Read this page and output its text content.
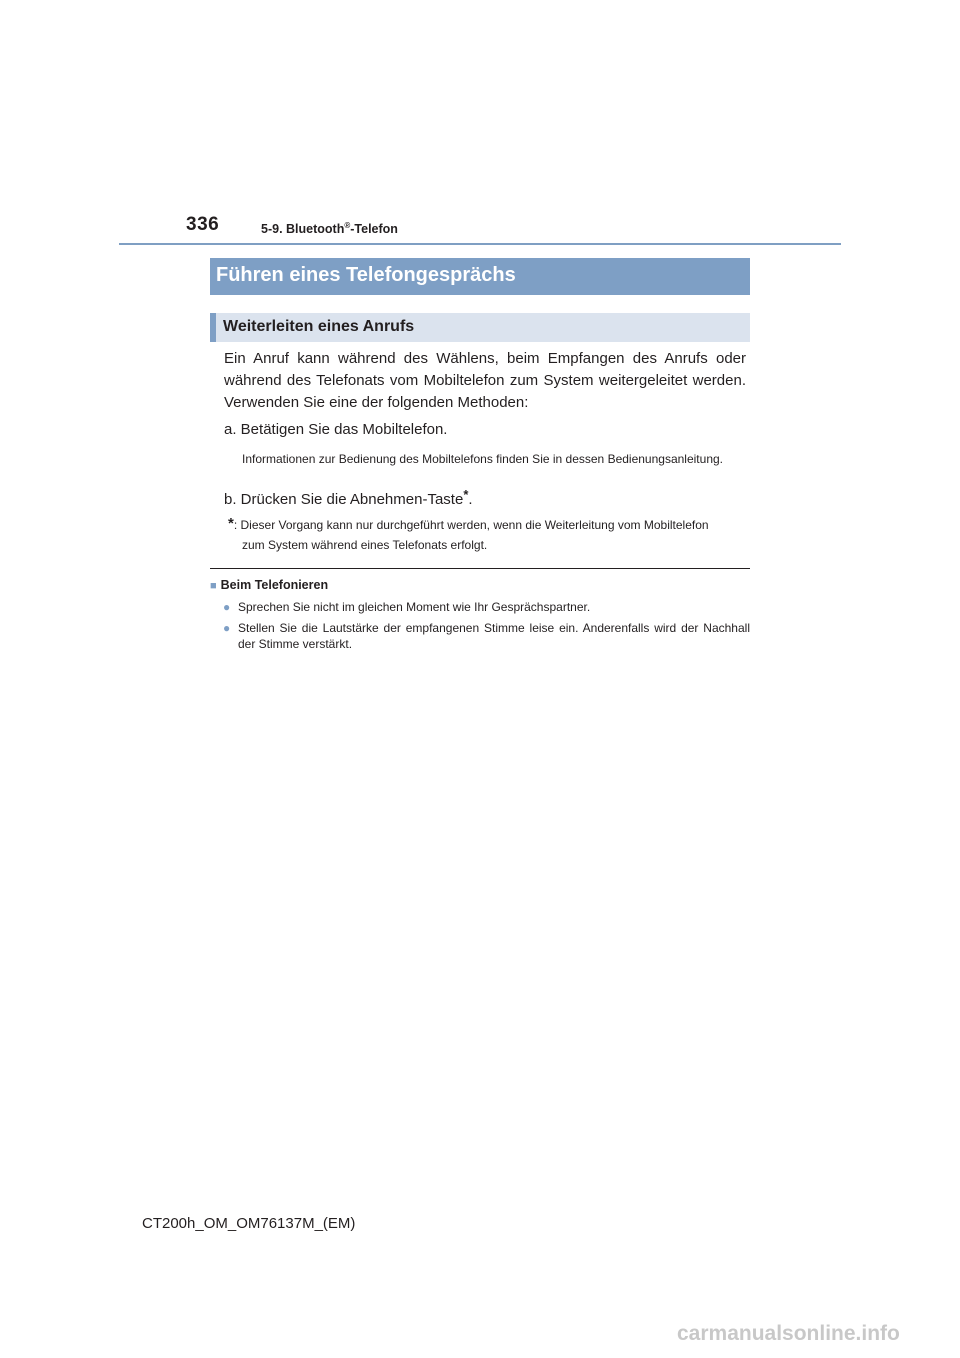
336	5-9. Bluetooth®-Telefon
Führen eines Telefongesprächs
Weiterleiten eines Anrufs
Ein Anruf kann während des Wählens, beim Empfangen des Anrufs oder während des Telefonats vom Mobiltelefon zum System weitergeleitet werden. Verwenden Sie eine der folgenden Methoden:
a. Betätigen Sie das Mobiltelefon.
Informationen zur Bedienung des Mobiltelefons finden Sie in dessen Bedienungsanleitung.
b. Drücken Sie die Abnehmen-Taste*.
*: Dieser Vorgang kann nur durchgeführt werden, wenn die Weiterleitung vom Mobiltelefon
zum System während eines Telefonats erfolgt.
■ Beim Telefonieren
● Sprechen Sie nicht im gleichen Moment wie Ihr Gesprächspartner.
● Stellen Sie die Lautstärke der empfangenen Stimme leise ein. Anderenfalls wird der Nachhall der Stimme verstärkt.
CT200h_OM_OM76137M_(EM)
carmanualsonline.info
